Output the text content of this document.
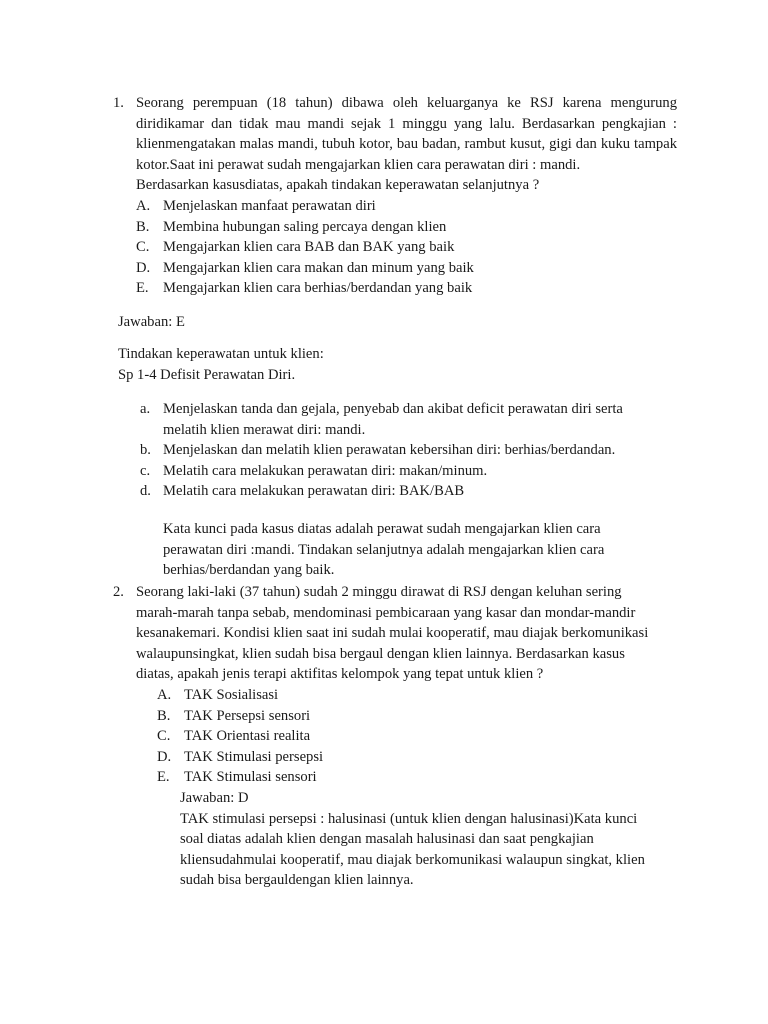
1. Seorang perempuan (18 tahun) dibawa oleh keluarganya ke RSJ karena mengurung diridikamar dan tidak mau mandi sejak 1 minggu yang lalu. Berdasarkan pengkajian : klienmengatakan malas mandi, tubuh kotor, bau badan, rambut kusut, gigi dan kuku tampak kotor.Saat ini perawat sudah mengajarkan klien cara perawatan diri : mandi.

Berdasarkan kasusdiatas, apakah tindakan keperawatan selanjutnya ?

A. Menjelaskan manfaat perawatan diri
B. Membina hubungan saling percaya dengan klien
C. Mengajarkan klien cara BAB dan BAK yang baik
D. Mengajarkan klien cara makan dan minum yang baik
E. Mengajarkan klien cara berhias/berdandan yang baik

Jawaban: E

Tindakan keperawatan untuk klien:

Sp 1-4 Defisit Perawatan Diri.

a. Menjelaskan tanda dan gejala, penyebab dan akibat deficit perawatan diri serta

melatih klien merawat diri: mandi.

b. Menjelaskan dan melatih klien perawatan kebersihan diri: berhias/berdandan.

c. Melatih cara melakukan perawatan diri: makan/minum.

d. Melatih cara melakukan perawatan diri: BAK/BAB

Kata kunci pada kasus diatas adalah perawat sudah mengajarkan klien cara

perawatan diri :mandi. Tindakan selanjutnya adalah mengajarkan klien cara

berhias/berdandan yang baik.

2. Seorang laki-laki (37 tahun) sudah 2 minggu dirawat di RSJ dengan keluhan sering

marah-marah tanpa sebab, mendominasi pembicaraan yang kasar dan mondar-mandir

kesanakemari. Kondisi klien saat ini sudah mulai kooperatif, mau diajak berkomunikasi

walaupunsingkat, klien sudah bisa bergaul dengan klien lainnya. Berdasarkan kasus

diatas, apakah jenis terapi aktifitas kelompok yang tepat untuk klien ?

A. TAK Sosialisasi
B. TAK Persepsi sensori
C. TAK Orientasi realita
D. TAK Stimulasi persepsi
E. TAK Stimulasi sensori

Jawaban: D

TAK stimulasi persepsi : halusinasi (untuk klien dengan halusinasi)Kata kunci

soal diatas adalah klien dengan masalah halusinasi dan saat pengkajian

kliensudahmulai kooperatif, mau diajak berkomunikasi walaupun singkat, klien

sudah bisa bergauldengan klien lainnya.
